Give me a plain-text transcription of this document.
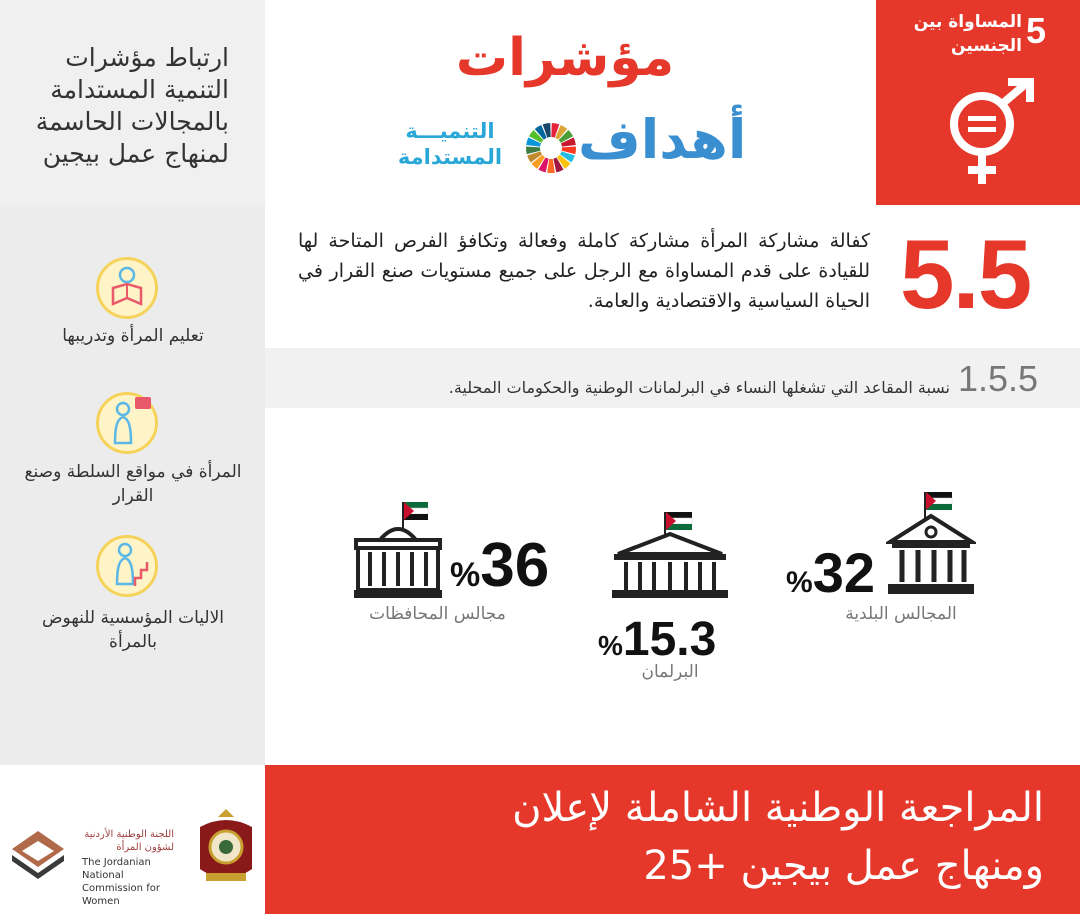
ارتباط مؤشرات التنمية المستدامة بالمجالات الحاسمة لمنهاج عمل بيجين
مؤشرات
أهداف
التنميـــة
المستدامة
5
المساواة بين الجنسين
تعليم المرأة وتدريبها
المرأة في مواقع السلطة وصنع القرار
الاليات المؤسسية للنهوض بالمرأة
5.5
كفالة مشاركة المرأة مشاركة كاملة وفعالة وتكافؤ الفرص المتاحة لها للقيادة على قدم المساواة مع الرجل على جميع مستويات صنع القرار في الحياة السياسية والاقتصادية والعامة.
1.5.5
نسبة المقاعد التي تشغلها النساء في البرلمانات الوطنية والحكومات المحلية.
%36
مجالس المحافظات
%15.3
البرلمان
%32
المجالس البلدية
اللجنة الوطنية الأردنية
لشؤون المرأة
The Jordanian National
Commission for Women
المراجعة الوطنية الشاملة لإعلان
ومنهاج عمل بيجين +25
